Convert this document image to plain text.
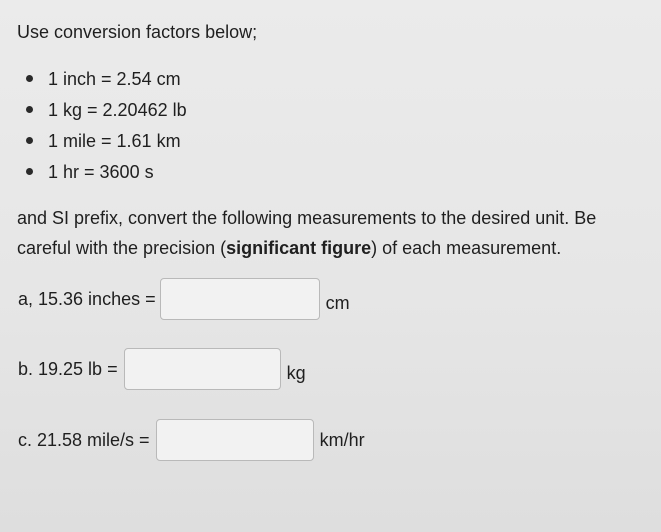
Use conversion factors below;

1 inch = 2.54 cm
1 kg = 2.20462 lb
1 mile = 1.61 km
1 hr = 3600 s

and SI prefix, convert the following measurements to the desired unit. Be careful with the precision (significant figure) of each measurement.

a, 15.36 inches =	cm
b. 19.25 lb =	kg
c. 21.58 mile/s =	km/hr
